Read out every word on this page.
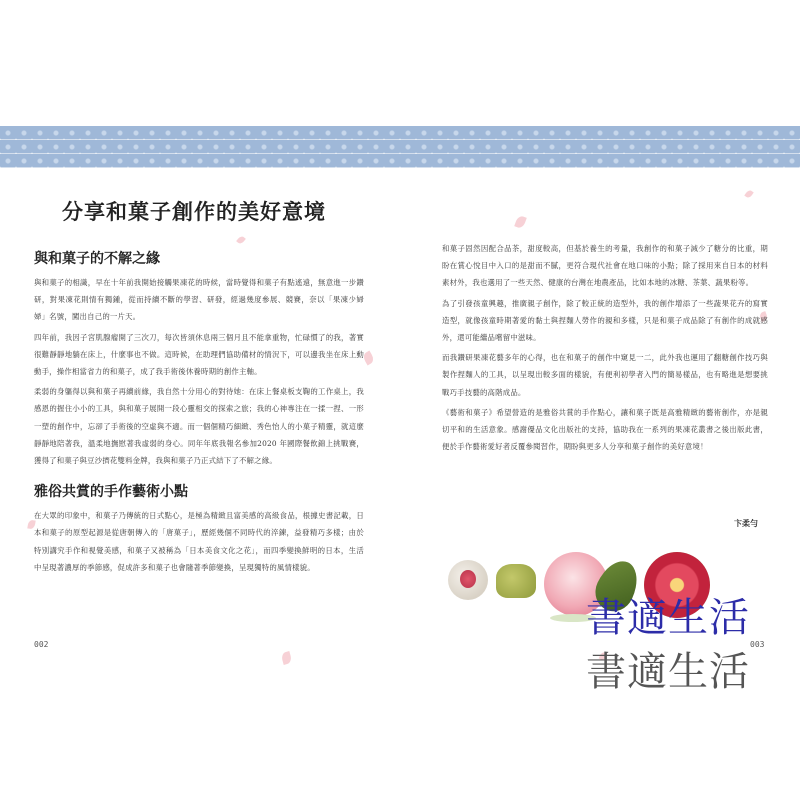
分享和菓子創作的美好意境
與和菓子的不解之緣

與和菓子的相識，早在十年前我開始接觸果凍花的時候，當時覺得和菓子有點遙遠，無意進一步鑽研，對果凍花則情有獨鍾，從而持續不斷的學習、研發，經過幾度參展、競賽，奈以「果凍少婦婦」名號，闖出自己的一片天。

四年前，我因子宮肌腺瘤開了三次刀，每次皆須休息兩三個月且不能拿重物，忙碌慣了的我，著實很難靜靜地躺在床上，什麼事也不做。這時候，在助理們協助備材的情況下，可以邊我坐在床上動動手，操作相當省力的和菓子，成了我手術後休養時期的創作主軸。

柔弱的身軀得以與和菓子再續前緣，我自然十分用心的對待她：在床上餐桌板支鞠的工作桌上，我感恩的握住小小的工具，與和菓子展開一段心靈相交的探索之旅；我的心神專注在一揉一捏、一形一塑的創作中，忘卻了手術後的空虛與不適。而一個個精巧細緻、秀色怡人的小菓子精靈，就這麼靜靜地陪著我，溫柔地撫慰著我虛弱的身心。同年年底我報名參加2020 年國際餐飲錦上挑戰賽，獲得了和菓子與豆沙擠花雙料金牌，我與和菓子乃正式結下了不解之緣。

雅俗共賞的手作藝術小點

在大眾的印象中，和菓子乃傳統的日式點心，是極為精緻且富美感的高級食品，根據史書記載，日本和菓子的原型起源是從唐朝傳入的「唐菓子」，歷經幾個不同時代的淬鍊，益發精巧多樣；由於特別講究手作和視覺美感，和菓子又被稱為「日本美食文化之花」，而四季變換鮮明的日本，生活中呈現著濃厚的季節感，促成許多和菓子也會隨著季節變換，呈現獨特的風情樣貌。

和菓子固然因配合品茶，甜度較高，但基於養生的考量，我創作的和菓子減少了糖分的比重，期盼在賞心悅目中入口的是甜而不膩，更符合現代社會在地口味的小點；除了採用來自日本的材料素材外，我也選用了一些天然、健康的台灣在地農產品，比如本地的冰糖、茶葉、蔬果粉等。

為了引發孩童興趣，推廣親子創作，除了較正統的造型外，我的創作增添了一些蔬果花卉的寫實造型，就像孩童時期著愛的黏土與捏麵人勞作的親和多樣，只是和菓子成品除了有創作的成就感外，還可能繼品嚐留中滋味。

而我鑽研果凍花藝多年的心得，也在和菓子的創作中窺見一二，此外我也運用了翻糖創作技巧與製作捏麵人的工具，以呈現出較多面的樣貌，有便利初學者入門的簡易樣品，也有略進是想要挑戰巧手技藝的高階成品。

《藝術和菓子》希望營造的是雅俗共賞的手作點心，讓和菓子既是高雅精緻的藝術創作，亦是親切平和的生活意象。感謝優品文化出版社的支持，協助我在一系列的果凍花叢書之後出版此書，便於手作藝術愛好者反覆參閱習作，期盼與更多人分享和菓子創作的美好意境！

卞柔勻
002	003
書適生活
書適生活
